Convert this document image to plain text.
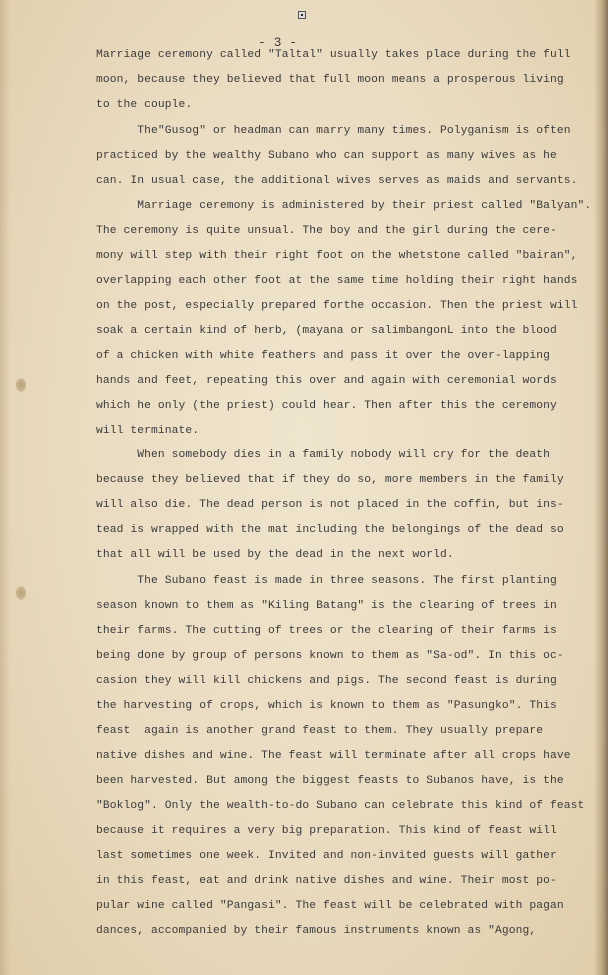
- 3 -
Marriage ceremony called "Taltal" usually takes place during the full
moon, because they believed that full moon means a prosperous living
to the couple.
The"Gusog" or headman can marry many times. Polyganism is often
practiced by the wealthy Subano who can support as many wives as he
can. In usual case, the additional wives serves as maids and servants.
Marriage ceremony is administered by their priest called "Balyan".
The ceremony is quite unsual. The boy and the girl during the cere-
mony will step with their right foot on the whetstone called "bairan",
overlapping each other foot at the same time holding their right hands
on the post, especially prepared forthe occasion. Then the priest will
soak a certain kind of herb, (mayana or salimbangonL into the blood
of a chicken with white feathers and pass it over the over-lapping
hands and feet, repeating this over and again with ceremonial words
which he only (the priest) could hear. Then after this the ceremony
will terminate.
When somebody dies in a family nobody will cry for the death
because they believed that if they do so, more members in the family
will also die. The dead person is not placed in the coffin, but ins-
tead is wrapped with the mat including the belongings of the dead so
that all will be used by the dead in the next world.
The Subano feast is made in three seasons. The first planting
season known to them as "Kiling Batang" is the clearing of trees in
their farms. The cutting of trees or the clearing of their farms is
being done by group of persons known to them as "Sa-od". In this oc-
casion they will kill chickens and pigs. The second feast is during
the harvesting of crops, which is known to them as "Pasungko". This
feast  again is another grand feast to them. They usually prepare
native dishes and wine. The feast will terminate after all crops have
been harvested. But among the biggest feasts to Subanos have, is the
"Boklog". Only the wealth-to-do Subano can celebrate this kind of feast
because it requires a very big preparation. This kind of feast will
last sometimes one week. Invited and non-invited guests will gather
in this feast, eat and drink native dishes and wine. Their most po-
pular wine called "Pangasi". The feast will be celebrated with pagan
dances, accompanied by their famous instruments known as "Agong,
